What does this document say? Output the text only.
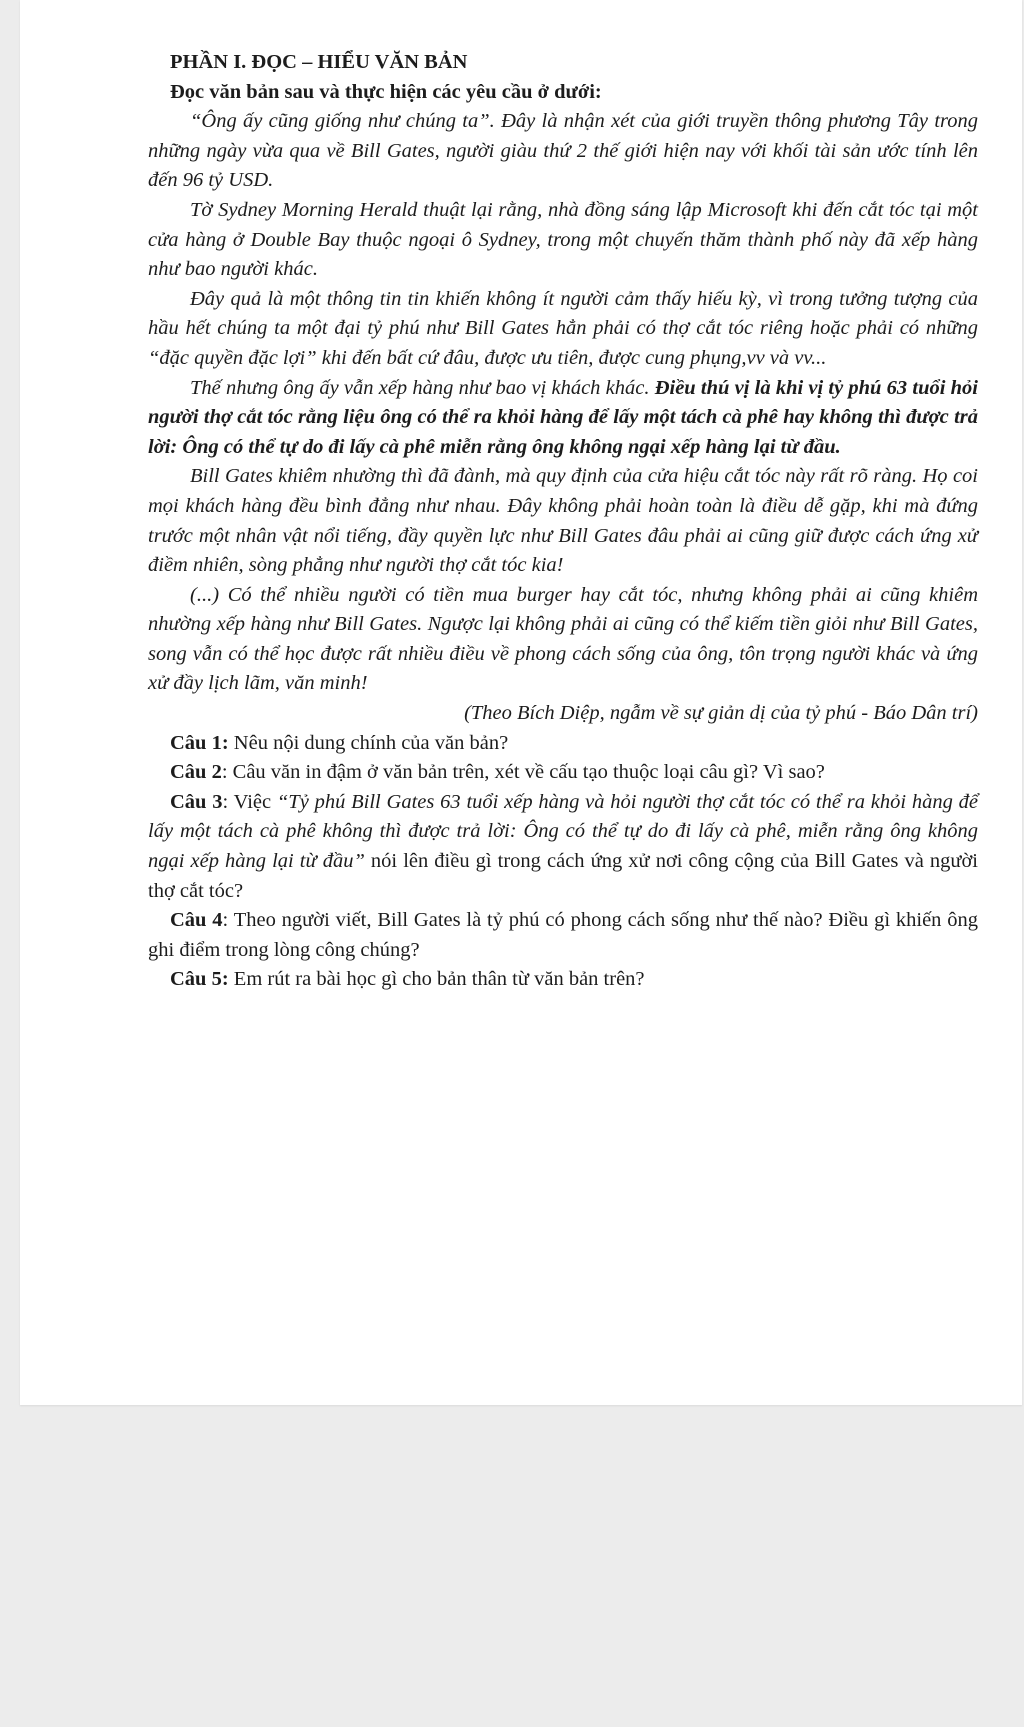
PHẦN I. ĐỌC – HIỂU VĂN BẢN

Đọc văn bản sau và thực hiện các yêu cầu ở dưới:

“Ông ấy cũng giống như chúng ta”. Đây là nhận xét của giới truyền thông phương Tây trong những ngày vừa qua về Bill Gates, người giàu thứ 2 thế giới hiện nay với khối tài sản ước tính lên đến 96 tỷ USD.

Tờ Sydney Morning Herald thuật lại rằng, nhà đồng sáng lập Microsoft khi đến cắt tóc tại một cửa hàng ở Double Bay thuộc ngoại ô Sydney, trong một chuyến thăm thành phố này đã xếp hàng như bao người khác.

Đây quả là một thông tin tin khiến không ít người cảm thấy hiếu kỳ, vì trong tưởng tượng của hầu hết chúng ta một đại tỷ phú như Bill Gates hẳn phải có thợ cắt tóc riêng hoặc phải có những “đặc quyền đặc lợi” khi đến bất cứ đâu, được ưu tiên, được cung phụng,vv và vv...

Thế nhưng ông ấy vẫn xếp hàng như bao vị khách khác. Điều thú vị là khi vị tỷ phú 63 tuổi hỏi người thợ cắt tóc rằng liệu ông có thể ra khỏi hàng để lấy một tách cà phê hay không thì được trả lời: Ông có thể tự do đi lấy cà phê miễn rằng ông không ngại xếp hàng lại từ đầu.

Bill Gates khiêm nhường thì đã đành, mà quy định của cửa hiệu cắt tóc này rất rõ ràng. Họ coi mọi khách hàng đều bình đẳng như nhau. Đây không phải hoàn toàn là điều dễ gặp, khi mà đứng trước một nhân vật nổi tiếng, đầy quyền lực như Bill Gates đâu phải ai cũng giữ được cách ứng xử điềm nhiên, sòng phẳng như người thợ cắt tóc kia!

(...) Có thể nhiều người có tiền mua burger hay cắt tóc, nhưng không phải ai cũng khiêm nhường xếp hàng như Bill Gates. Ngược lại không phải ai cũng có thể kiếm tiền giỏi như Bill Gates, song vẫn có thể học được rất nhiều điều về phong cách sống của ông, tôn trọng người khác và ứng xử đầy lịch lãm, văn minh!

(Theo Bích Diệp, ngẫm về sự giản dị của tỷ phú - Báo Dân trí)

Câu 1: Nêu nội dung chính của văn bản?

Câu 2: Câu văn in đậm ở văn bản trên, xét về cấu tạo thuộc loại câu gì? Vì sao?

Câu 3: Việc “Tỷ phú Bill Gates 63 tuổi xếp hàng và hỏi người thợ cắt tóc có thể ra khỏi hàng để lấy một tách cà phê không thì được trả lời: Ông có thể tự do đi lấy cà phê, miễn rằng ông không ngại xếp hàng lại từ đầu” nói lên điều gì trong cách ứng xử nơi công cộng của Bill Gates và người thợ cắt tóc?

Câu 4: Theo người viết, Bill Gates là tỷ phú có phong cách sống như thế nào? Điều gì khiến ông ghi điểm trong lòng công chúng?

Câu 5: Em rút ra bài học gì cho bản thân từ văn bản trên?
